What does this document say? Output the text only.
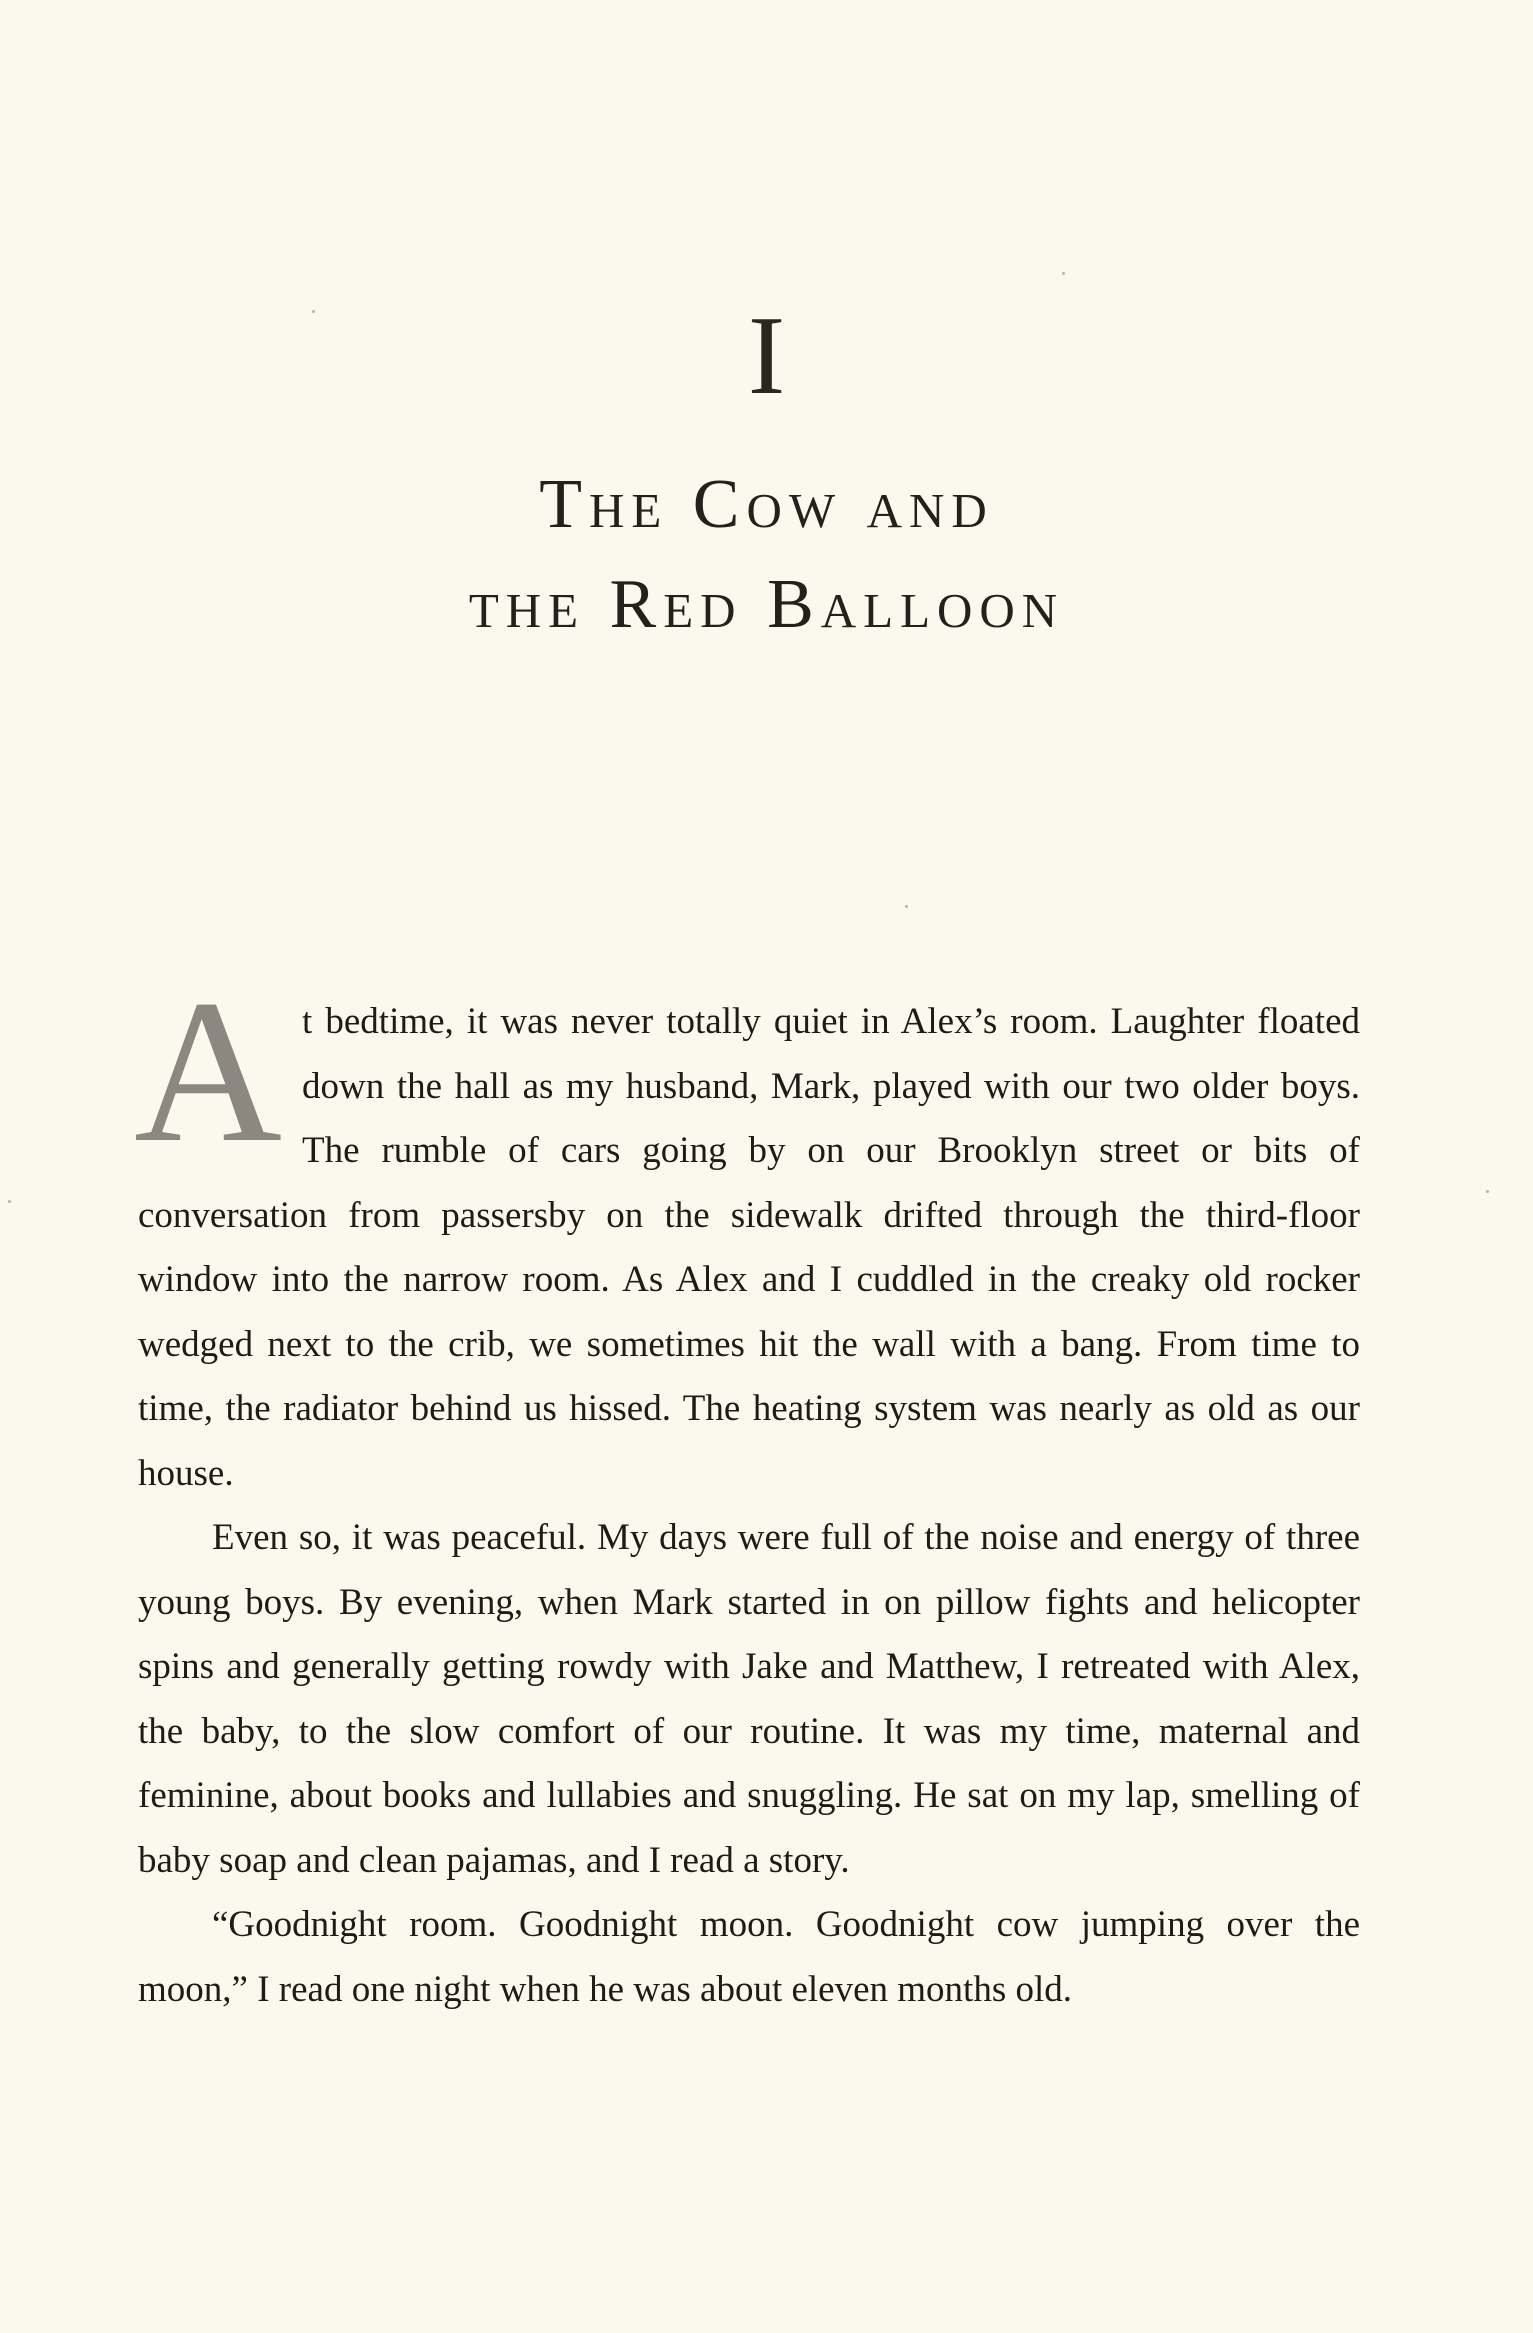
I
The Cow and
the Red Balloon

At bedtime, it was never totally quiet in Alex’s room. Laughter floated down the hall as my husband, Mark, played with our two older boys. The rumble of cars going by on our Brooklyn street or bits of conversation from passersby on the sidewalk drifted through the third-floor window into the narrow room. As Alex and I cuddled in the creaky old rocker wedged next to the crib, we sometimes hit the wall with a bang. From time to time, the radiator behind us hissed. The heating system was nearly as old as our house.

Even so, it was peaceful. My days were full of the noise and energy of three young boys. By evening, when Mark started in on pillow fights and helicopter spins and generally getting rowdy with Jake and Matthew, I retreated with Alex, the baby, to the slow comfort of our routine. It was my time, maternal and feminine, about books and lullabies and snuggling. He sat on my lap, smelling of baby soap and clean pajamas, and I read a story.

“Goodnight room. Goodnight moon. Goodnight cow jumping over the moon,” I read one night when he was about eleven months old.
